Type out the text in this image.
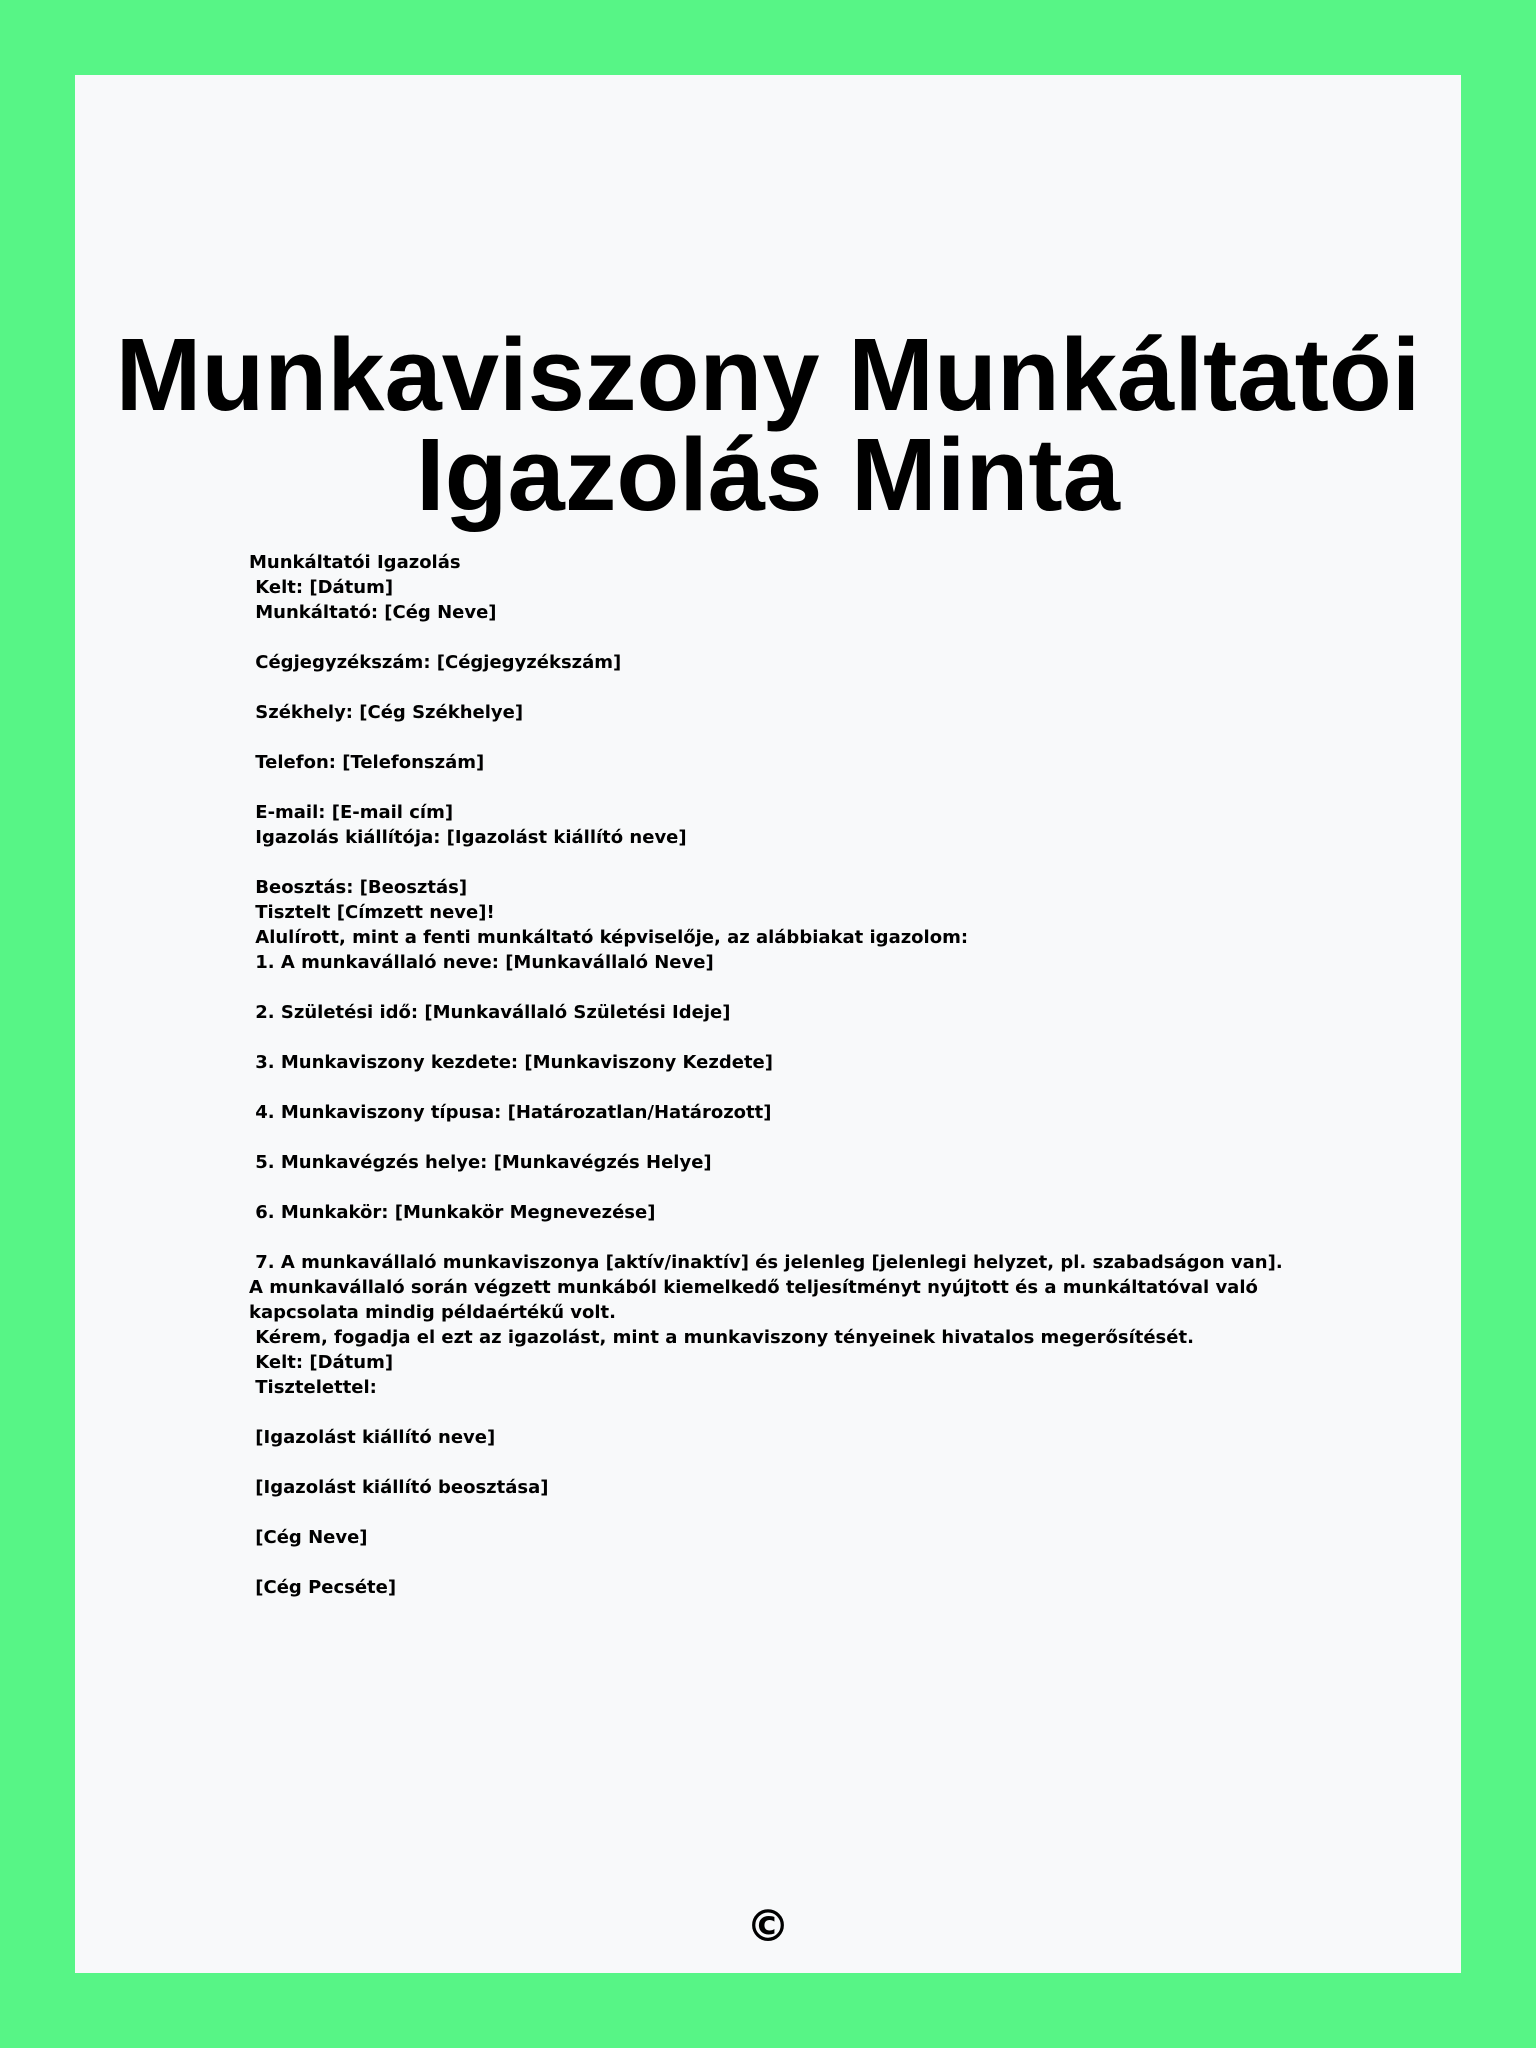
Munkaviszony Munkáltatói
Igazolás Minta
Munkáltatói Igazolás
Kelt: [Dátum]
Munkáltató: [Cég Neve]
Cégjegyzékszám: [Cégjegyzékszám]
Székhely: [Cég Székhelye]
Telefon: [Telefonszám]
E-mail: [E-mail cím]
Igazolás kiállítója: [Igazolást kiállító neve]
Beosztás: [Beosztás]
Tisztelt [Címzett neve]!
Alulírott, mint a fenti munkáltató képviselője, az alábbiakat igazolom:
1. A munkavállaló neve: [Munkavállaló Neve]
2. Születési idő: [Munkavállaló Születési Ideje]
3. Munkaviszony kezdete: [Munkaviszony Kezdete]
4. Munkaviszony típusa: [Határozatlan/Határozott]
5. Munkavégzés helye: [Munkavégzés Helye]
6. Munkakör: [Munkakör Megnevezése]
7. A munkavállaló munkaviszonya [aktív/inaktív] és jelenleg [jelenlegi helyzet, pl. szabadságon van].
A munkavállaló során végzett munkából kiemelkedő teljesítményt nyújtott és a munkáltatóval való
kapcsolata mindig példaértékű volt.
Kérem, fogadja el ezt az igazolást, mint a munkaviszony tényeinek hivatalos megerősítését.
Kelt: [Dátum]
Tisztelettel:
[Igazolást kiállító neve]
[Igazolást kiállító beosztása]
[Cég Neve]
[Cég Pecséte]
©
